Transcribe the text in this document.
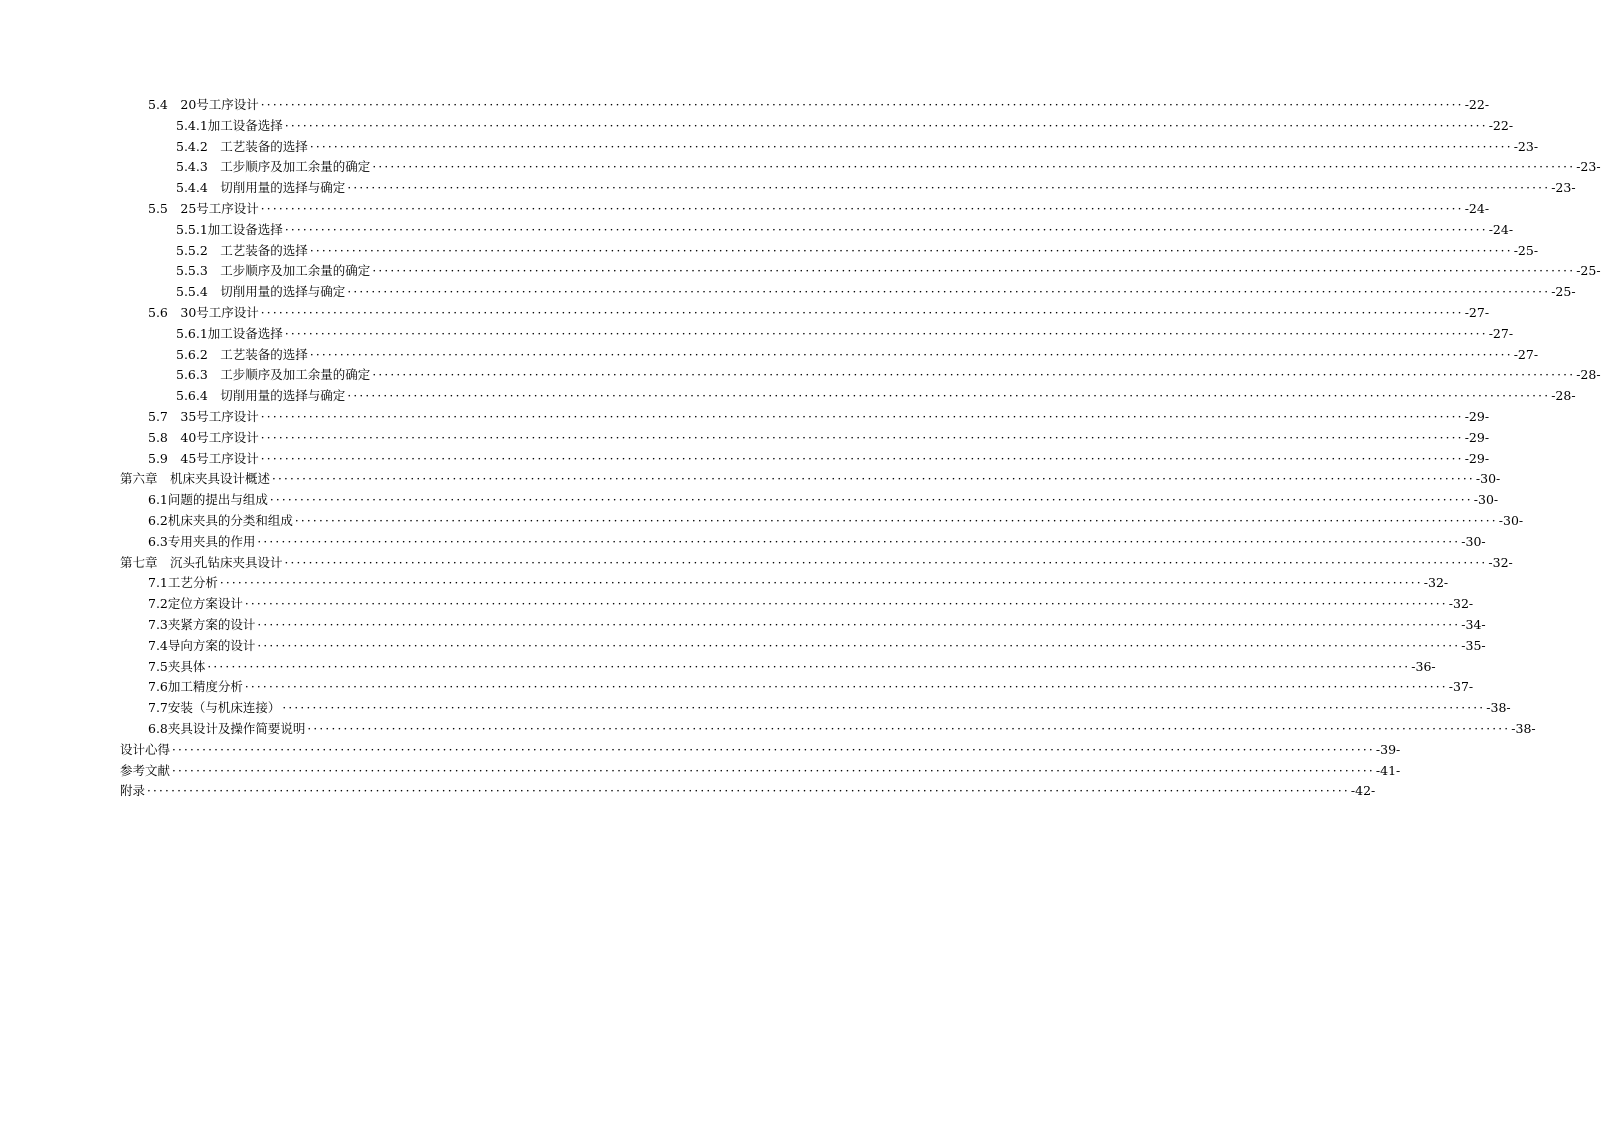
5.4　20号工序设计 ········································································································································································································ -22-
5.4.1加工设备选择 ········································································································································································································ -22-
5.4.2　工艺装备的选择 ········································································································································································································ -23-
5.4.3　工步顺序及加工余量的确定 ········································································································································································································ -23-
5.4.4　切削用量的选择与确定 ········································································································································································································ -23-
5.5　25号工序设计 ········································································································································································································ -24-
5.5.1加工设备选择 ········································································································································································································ -24-
5.5.2　工艺装备的选择 ········································································································································································································ -25-
5.5.3　工步顺序及加工余量的确定 ········································································································································································································ -25-
5.5.4　切削用量的选择与确定 ········································································································································································································ -25-
5.6　30号工序设计 ········································································································································································································ -27-
5.6.1加工设备选择 ········································································································································································································ -27-
5.6.2　工艺装备的选择 ········································································································································································································ -27-
5.6.3　工步顺序及加工余量的确定 ········································································································································································································ -28-
5.6.4　切削用量的选择与确定 ········································································································································································································ -28-
5.7　35号工序设计 ········································································································································································································ -29-
5.8　40号工序设计 ········································································································································································································ -29-
5.9　45号工序设计 ········································································································································································································ -29-
第六章　机床夹具设计概述 ········································································································································································································ -30-
6.1问题的提出与组成 ········································································································································································································ -30-
6.2机床夹具的分类和组成 ········································································································································································································ -30-
6.3专用夹具的作用 ········································································································································································································ -30-
第七章　沉头孔钻床夹具设计 ········································································································································································································ -32-
7.1工艺分析 ········································································································································································································ -32-
7.2定位方案设计 ········································································································································································································ -32-
7.3夹紧方案的设计 ········································································································································································································ -34-
7.4导向方案的设计 ········································································································································································································ -35-
7.5夹具体 ········································································································································································································ -36-
7.6加工精度分析 ········································································································································································································ -37-
7.7安装（与机床连接） ········································································································································································································ -38-
6.8夹具设计及操作简要说明 ········································································································································································································ -38-
设计心得 ········································································································································································································ -39-
参考文献 ········································································································································································································ -41-
附录 ········································································································································································································ -42-
